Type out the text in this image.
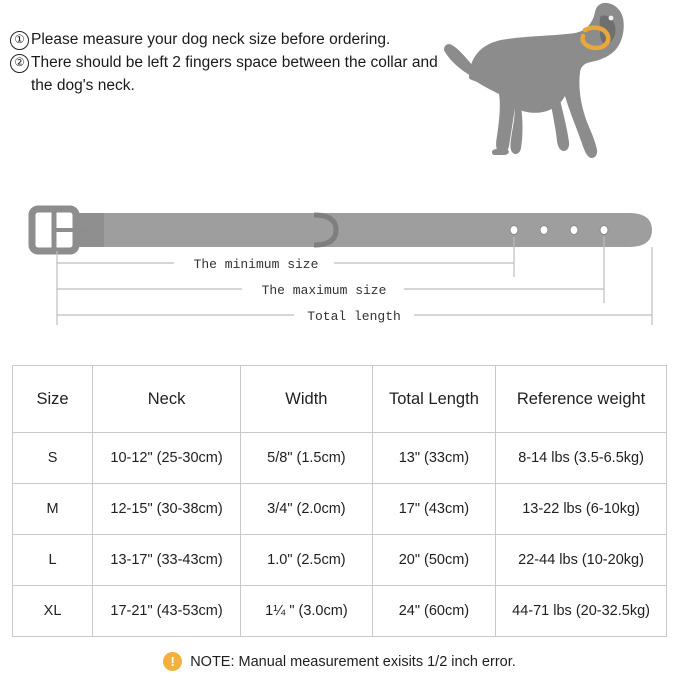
① Please measure your dog neck size before ordering.
② There should be left 2 fingers space between the collar and the dog's neck.
The minimum size
The maximum size
Total length
Size	Neck	Width	Total Length	Reference weight
S	10-12" (25-30cm)	5/8" (1.5cm)	13" (33cm)	8-14 lbs (3.5-6.5kg)
M	12-15" (30-38cm)	3/4" (2.0cm)	17" (43cm)	13-22 lbs (6-10kg)
L	13-17" (33-43cm)	1.0" (2.5cm)	20" (50cm)	22-44 lbs (10-20kg)
XL	17-21" (43-53cm)	1¼ " (3.0cm)	24" (60cm)	44-71 lbs (20-32.5kg)
!	NOTE: Manual measurement exisits 1/2 inch error.
